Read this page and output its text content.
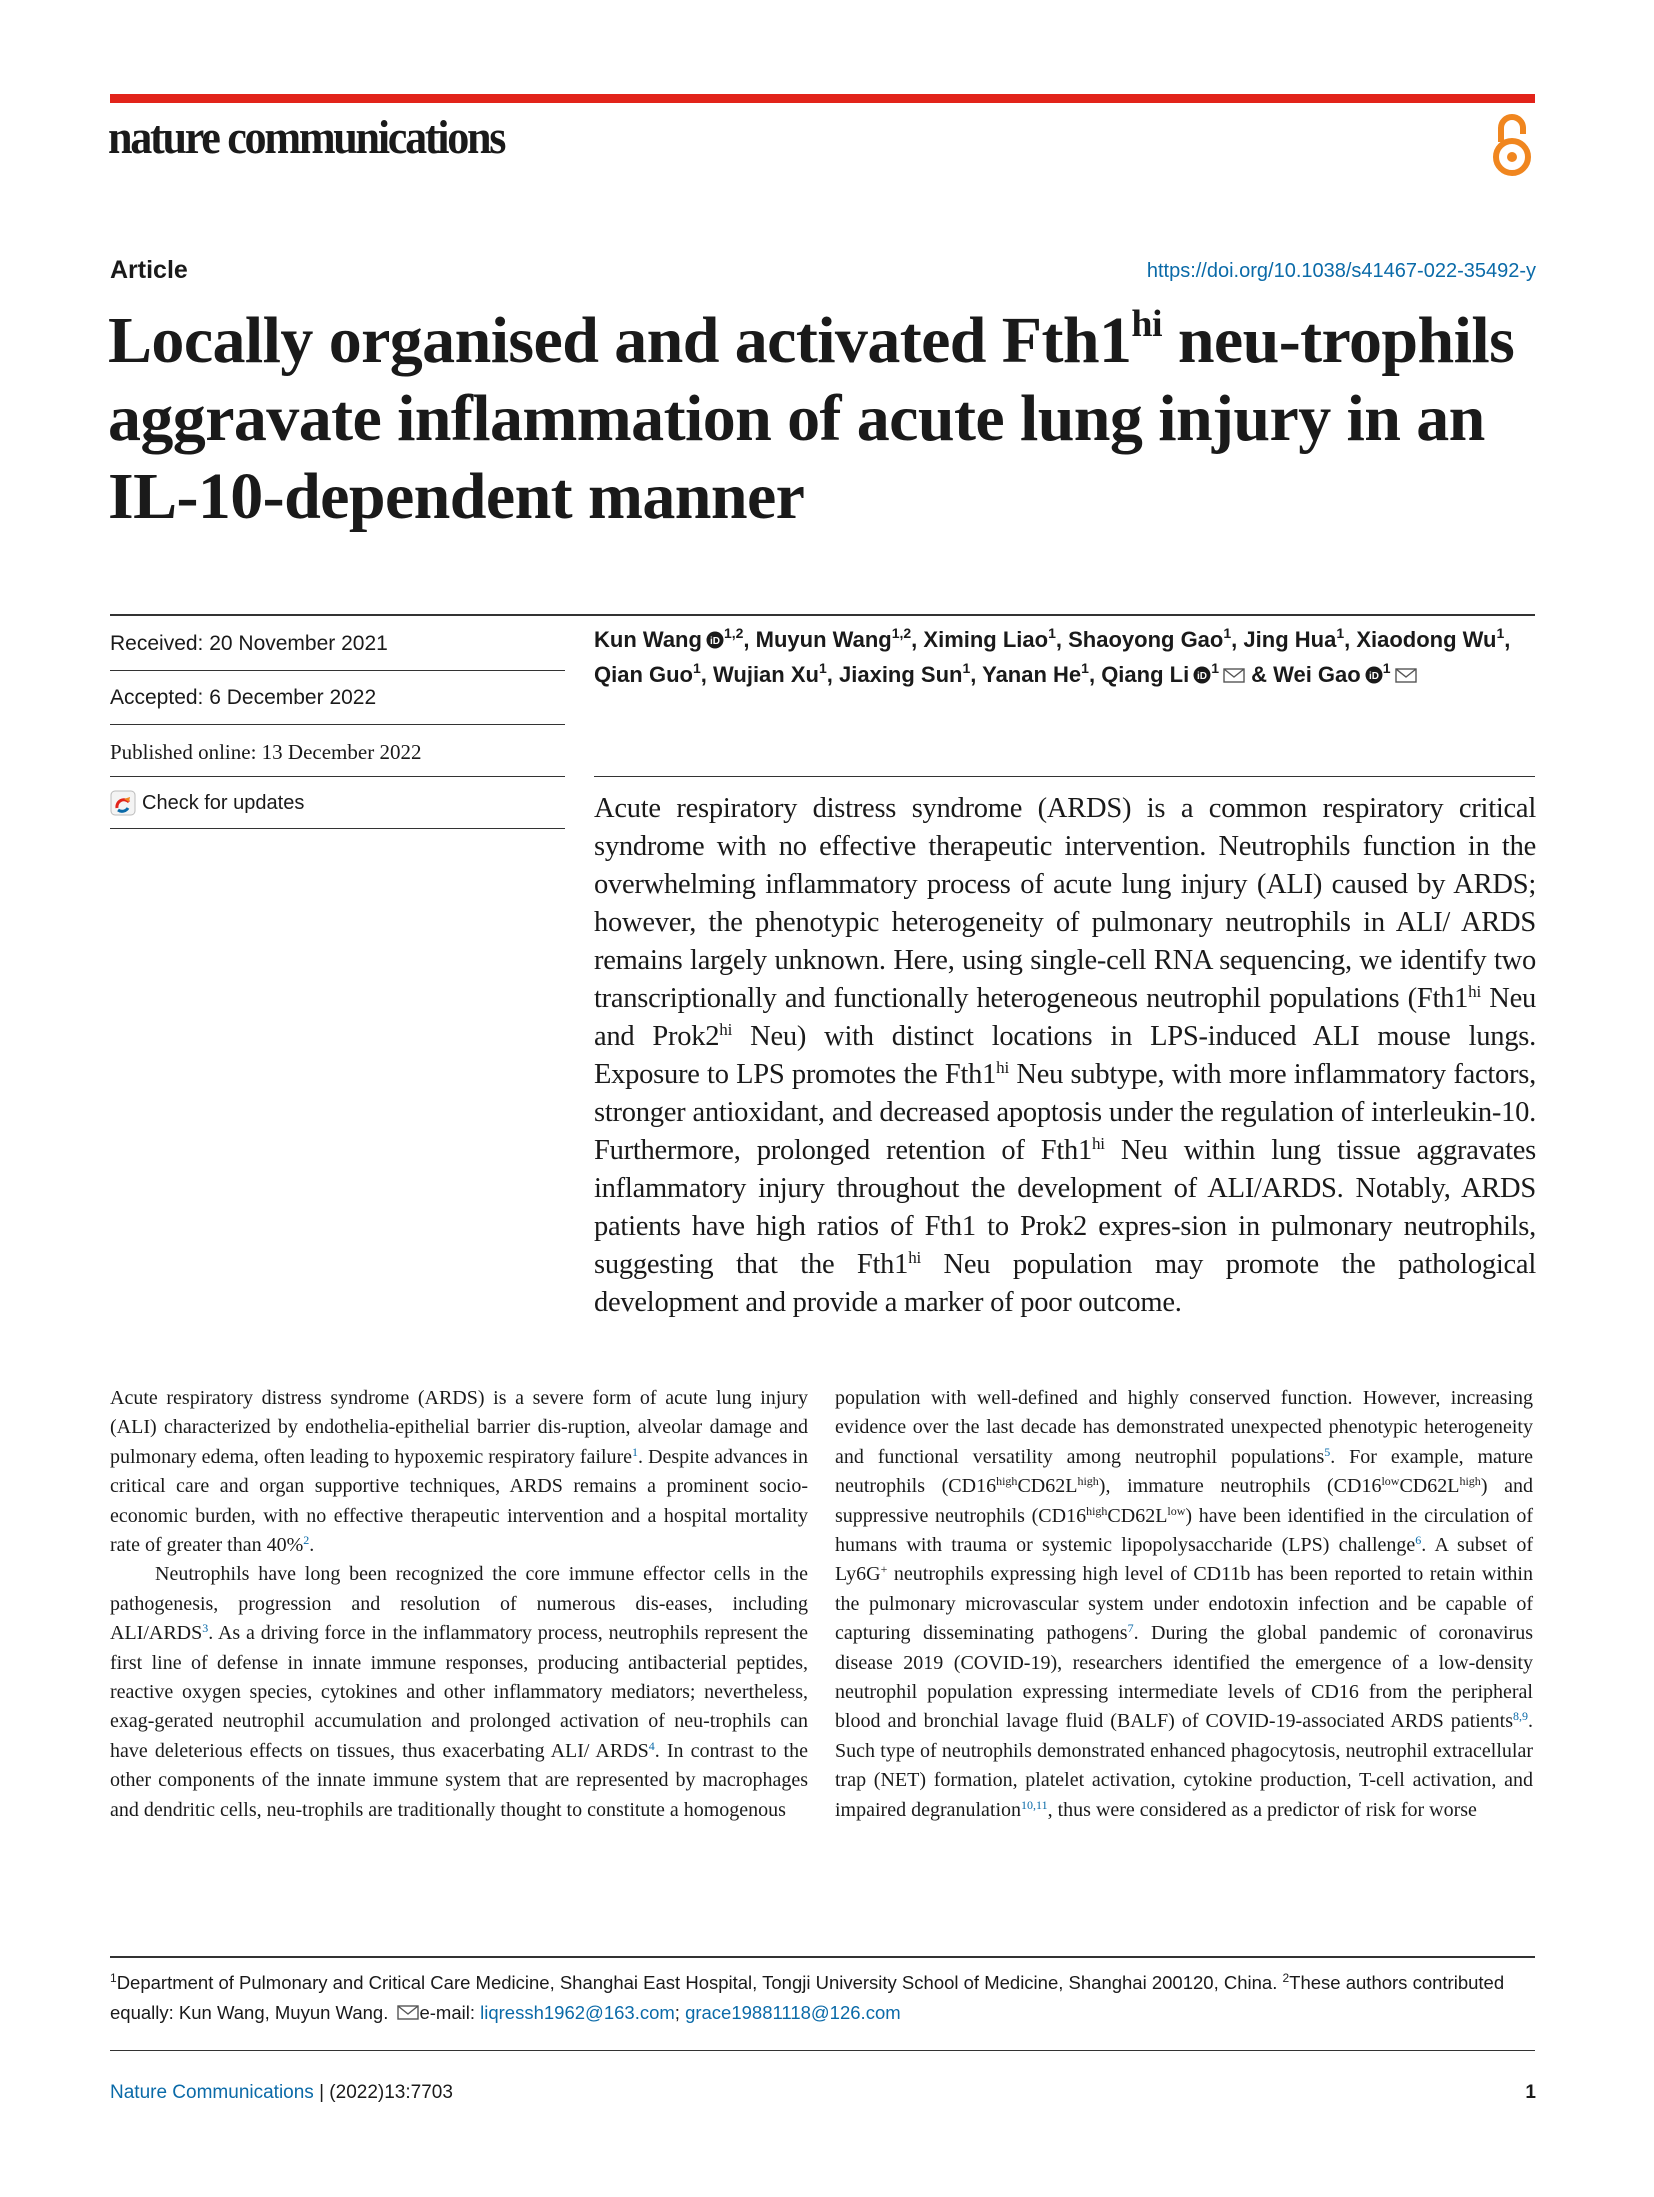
nature communications
Article	https://doi.org/10.1038/s41467-022-35492-y
Locally organised and activated $Fth1^{hi}$ neu-trophils aggravate inflammation of acute lung injury in an IL-10-dependent manner
Received: 20 November 2021
Accepted: 6 December 2022
Published online: 13 December 2022
Check for updates

Kun Wang iD
$^{1,2}$, Muyun Wang$^{1,2}$, Ximing Liao$^1$, Shaoyong Gao$^1$, Jing Hua$^1$, Xiaodong Wu$^1$, Qian Guo$^1$, Wujian Xu$^1$, Jiaxing Sun$^1$, Yanan He$^1$, Qiang Li iD
$^1$ & Wei Gao iD
$^1$

Acute respiratory distress syndrome (ARDS) is a common respiratory critical syndrome with no effective therapeutic intervention. Neutrophils function in the overwhelming inflammatory process of acute lung injury (ALI) caused by ARDS; however, the phenotypic heterogeneity of pulmonary neutrophils in ALI/ ARDS remains largely unknown. Here, using single-cell RNA sequencing, we identify two transcriptionally and functionally heterogeneous neutrophil populations ($Fth1^{hi}$ Neu and $Prok2^{hi}$ Neu) with distinct locations in LPS-induced ALI mouse lungs. Exposure to LPS promotes the $Fth1^{hi}$ Neu subtype, with more inflammatory factors, stronger antioxidant, and decreased apoptosis under the regulation of interleukin-10. Furthermore, prolonged retention of $Fth1^{hi}$ Neu within lung tissue aggravates inflammatory injury throughout the development of ALI/ARDS. Notably, ARDS patients have high ratios of Fth1 to Prok2 expres-sion in pulmonary neutrophils, suggesting that the $Fth1^{hi}$ Neu population may promote the pathological development and provide a marker of poor outcome.

Acute respiratory distress syndrome (ARDS) is a severe form of acute lung injury (ALI) characterized by endothelia-epithelial barrier dis-ruption, alveolar damage and pulmonary edema, often leading to hypoxemic respiratory failure$^1$. Despite advances in critical care and organ supportive techniques, ARDS remains a prominent socio-economic burden, with no effective therapeutic intervention and a hospital mortality rate of greater than 40%$^2$.

Neutrophils have long been recognized the core immune effector cells in the pathogenesis, progression and resolution of numerous dis-eases, including ALI/ARDS$^3$. As a driving force in the inflammatory process, neutrophils represent the first line of defense in innate immune responses, producing antibacterial peptides, reactive oxygen species, cytokines and other inflammatory mediators; nevertheless, exag-gerated neutrophil accumulation and prolonged activation of neu-trophils can have deleterious effects on tissues, thus exacerbating ALI/ ARDS$^4$. In contrast to the other components of the innate immune system that are represented by macrophages and dendritic cells, neu-trophils are traditionally thought to constitute a homogenous

population with well-defined and highly conserved function. However, increasing evidence over the last decade has demonstrated unexpected phenotypic heterogeneity and functional versatility among neutrophil populations$^5$. For example, mature neutrophils $(CD16^{high}CD62L^{high})$, immature neutrophils $(CD16^{low}CD62L^{high})$ and suppressive neutrophils $(CD16^{high}CD62L^{low})$ have been identified in the circulation of humans with trauma or systemic lipopolysaccharide (LPS) challenge$^6$. A subset of Ly6G+ neutrophils expressing high level of CD11b has been reported to retain within the pulmonary microvascular system under endotoxin infection and be capable of capturing disseminating pathogens$^7$. During the global pandemic of coronavirus disease 2019 (COVID-19), researchers identified the emergence of a low-density neutrophil population expressing intermediate levels of CD16 from the peripheral blood and bronchial lavage fluid (BALF) of COVID-19-associated ARDS patients$^{8,9}$. Such type of neutrophils demonstrated enhanced phagocytosis, neutrophil extracellular trap (NET) formation, platelet activation, cytokine production, T-cell activation, and impaired degranulation$^{10,11}$, thus were considered as a predictor of risk for worse

$^1$Department of Pulmonary and Critical Care Medicine, Shanghai East Hospital, Tongji University School of Medicine, Shanghai 200120, China. $^2$These authors contributed equally: Kun Wang, Muyun Wang. e-mail: liqressh1962@163.com; grace19881118@126.com

Nature Communications | (2022)13:7703	1
